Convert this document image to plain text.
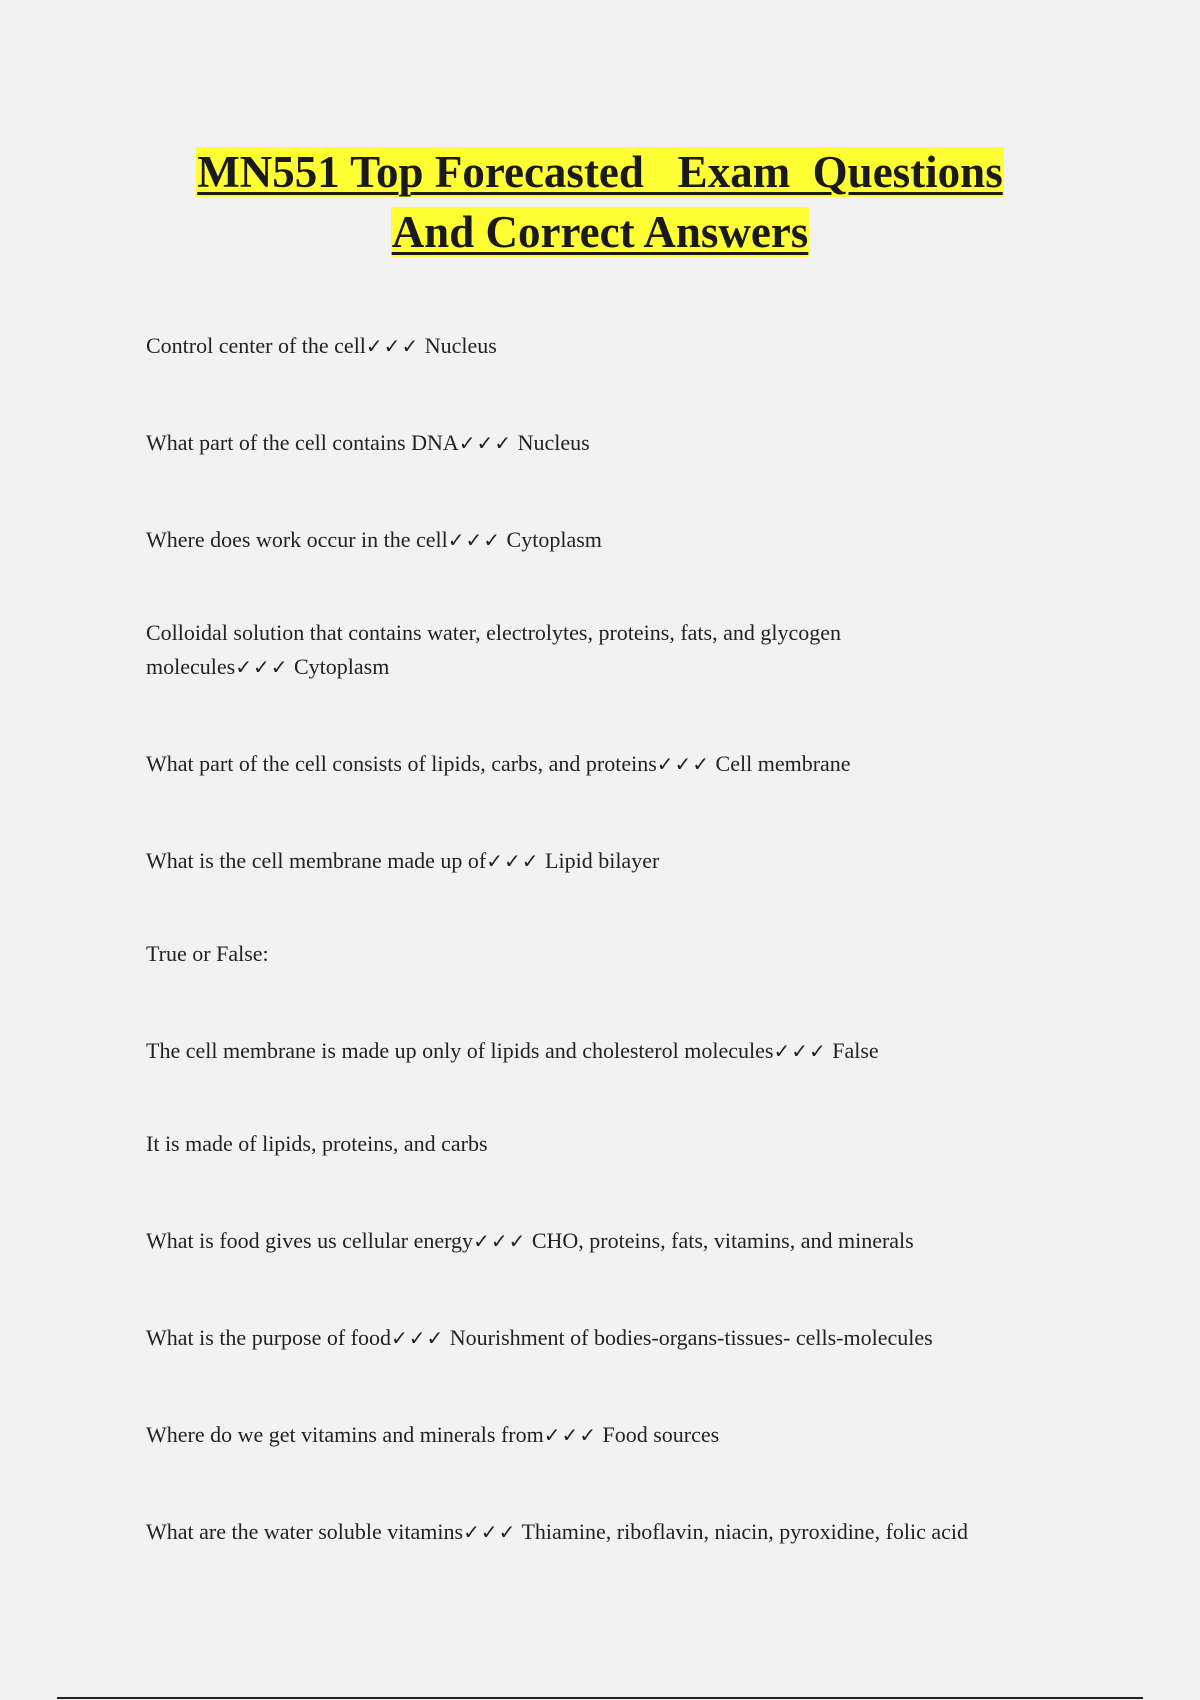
MN551 Top Forecasted   Exam  Questions
And Correct Answers

Control center of the cell✓✓✓ Nucleus

What part of the cell contains DNA✓✓✓ Nucleus

Where does work occur in the cell✓✓✓ Cytoplasm

Colloidal solution that contains water, electrolytes, proteins, fats, and glycogen molecules✓✓✓ Cytoplasm

What part of the cell consists of lipids, carbs, and proteins✓✓✓ Cell membrane

What is the cell membrane made up of✓✓✓ Lipid bilayer

True or False:

The cell membrane is made up only of lipids and cholesterol molecules✓✓✓ False

It is made of lipids, proteins, and carbs

What is food gives us cellular energy✓✓✓ CHO, proteins, fats, vitamins, and minerals

What is the purpose of food✓✓✓ Nourishment of bodies-organs-tissues- cells-molecules

Where do we get vitamins and minerals from✓✓✓ Food sources

What are the water soluble vitamins✓✓✓ Thiamine, riboflavin, niacin, pyroxidine, folic acid
